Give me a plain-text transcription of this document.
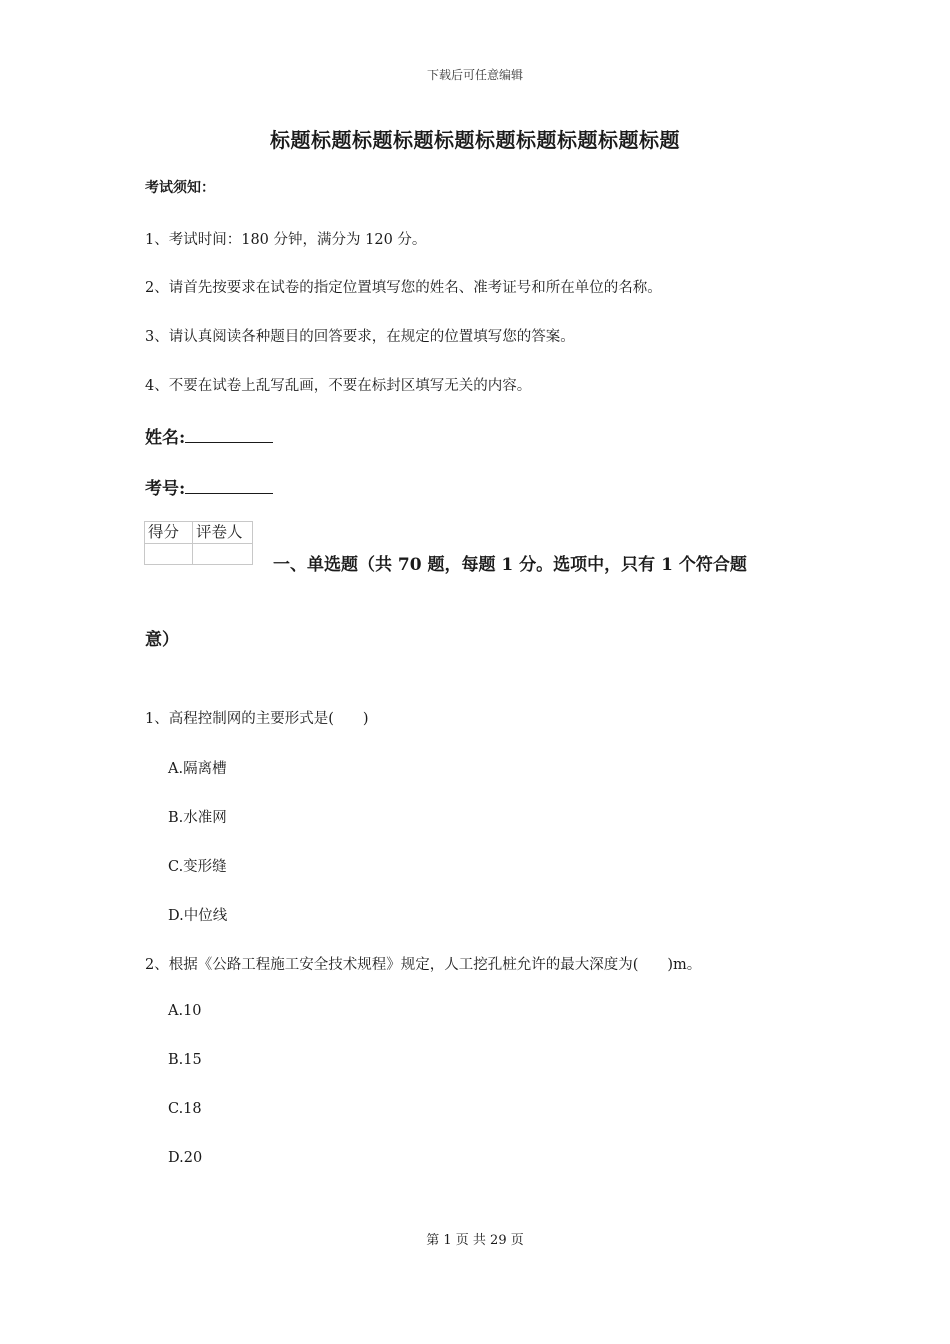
下载后可任意编辑
标题标题标题标题标题标题标题标题标题标题
考试须知：
1、考试时间：180 分钟，满分为 120 分。
2、请首先按要求在试卷的指定位置填写您的姓名、准考证号和所在单位的名称。
3、请认真阅读各种题目的回答要求，在规定的位置填写您的答案。
4、不要在试卷上乱写乱画，不要在标封区填写无关的内容。
姓名:
考号:
得分	评卷人

一、单选题（共 70 题，每题 1 分。选项中，只有 1 个符合题
意）
1、高程控制网的主要形式是(　　)
A.隔离槽
B.水准网
C.变形缝
D.中位线
2、根据《公路工程施工安全技术规程》规定，人工挖孔桩允许的最大深度为(　　)m。
A.10
B.15
C.18
D.20
第 1 页 共 29 页
